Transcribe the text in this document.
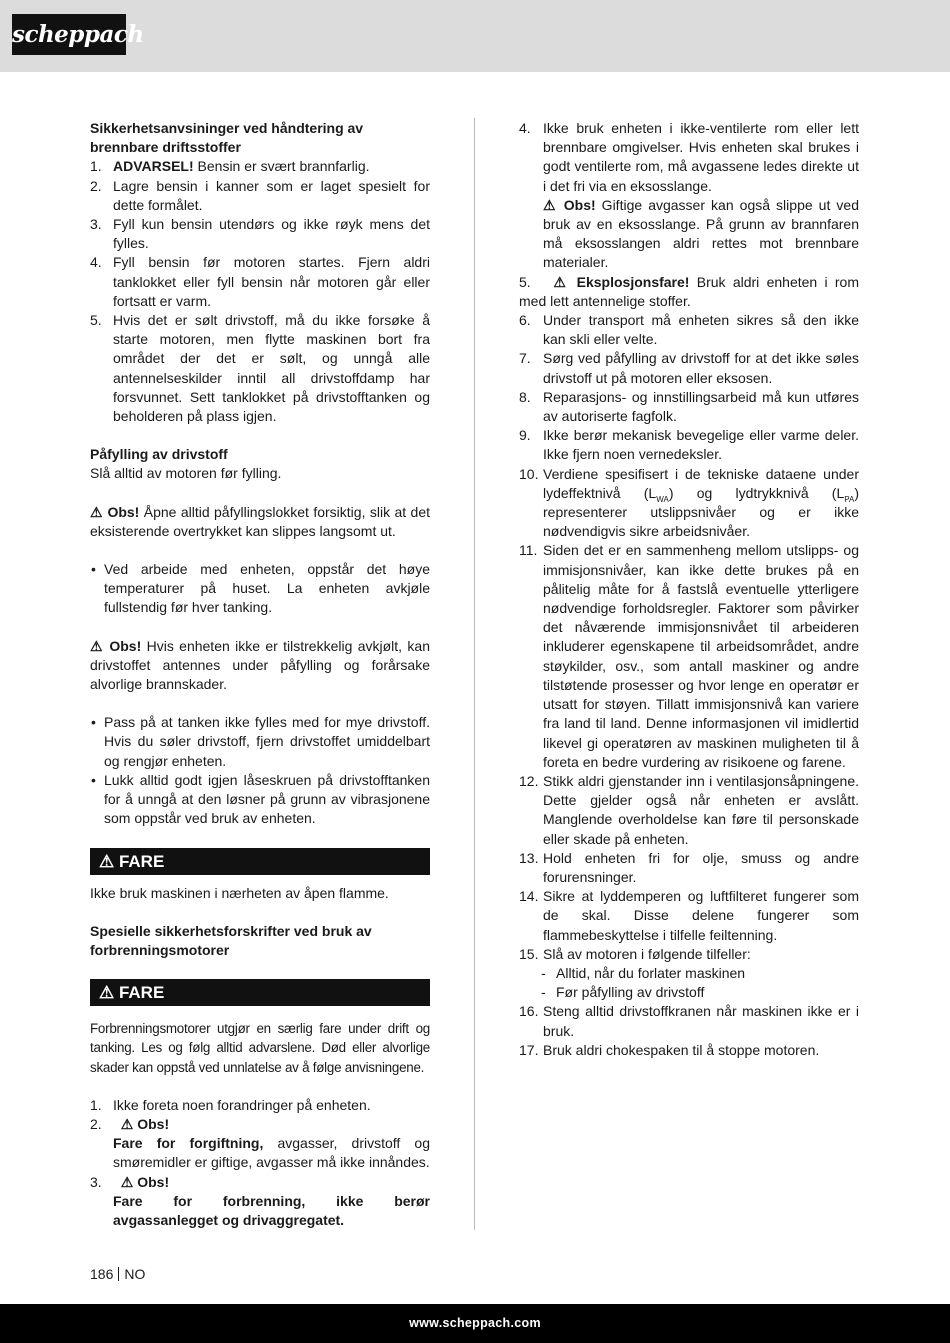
scheppach
Sikkerhetsanvsininger ved håndtering av brennbare driftsstoffer
1. ADVARSEL! Bensin er svært brannfarlig.
2. Lagre bensin i kanner som er laget spesielt for dette formålet.
3. Fyll kun bensin utendørs og ikke røyk mens det fylles.
4. Fyll bensin før motoren startes. Fjern aldri tanklokket eller fyll bensin når motoren går eller fortsatt er varm.
5. Hvis det er sølt drivstoff, må du ikke forsøke å starte motoren, men flytte maskinen bort fra området der det er sølt, og unngå alle antennelseskilder inntil all drivstoffdamp har forsvunnet. Sett tanklokket på drivstofftanken og beholderen på plass igjen.
Påfylling av drivstoff

Slå alltid av motoren før fylling.

⚠ Obs! Åpne alltid påfyllingslokket forsiktig, slik at det eksisterende overtrykket kan slippes langsomt ut.

• Ved arbeide med enheten, oppstår det høye temperaturer på huset. La enheten avkjøle fullstendig før hver tanking.

⚠ Obs! Hvis enheten ikke er tilstrekkelig avkjølt, kan drivstoffet antennes under påfylling og forårsake alvorlige brannskader.

• Pass på at tanken ikke fylles med for mye drivstoff. Hvis du søler drivstoff, fjern drivstoffet umiddelbart og rengjør enheten.
• Lukk alltid godt igjen låseskruen på drivstofftanken for å unngå at den løsner på grunn av vibrasjonene som oppstår ved bruk av enheten.
⚠ FARE

Ikke bruk maskinen i nærheten av åpen flamme.

Spesielle sikkerhetsforskrifter ved bruk av forbrenningsmotorer
⚠ FARE

Forbrenningsmotorer utgjør en særlig fare under drift og tanking. Les og følg alltid advarslene. Død eller alvorlige skader kan oppstå ved unnlatelse av å følge anvisningene.

1. Ikke foreta noen forandringer på enheten.
2. ⚠ Obs!
Fare for forgiftning, avgasser, drivstoff og smøremidler er giftige, avgasser må ikke innåndes.
3. ⚠ Obs!
Fare for forbrenning, ikke berør avgassanlegget og drivaggregatet.
4. Ikke bruk enheten i ikke-ventilerte rom eller lett brennbare omgivelser. Hvis enheten skal brukes i godt ventilerte rom, må avgassene ledes direkte ut i det fri via en eksosslange.
⚠ Obs! Giftige avgasser kan også slippe ut ved bruk av en eksosslange. På grunn av brannfaren må eksosslangen aldri rettes mot brennbare materialer.
5. ⚠ Eksplosjonsfare! Bruk aldri enheten i rom med lett antennelige stoffer.
6. Under transport må enheten sikres så den ikke kan skli eller velte.
7. Sørg ved påfylling av drivstoff for at det ikke søles drivstoff ut på motoren eller eksosen.
8. Reparasjons- og innstillingsarbeid må kun utføres av autoriserte fagfolk.
9. Ikke berør mekanisk bevegelige eller varme deler. Ikke fjern noen vernedeksler.
10. Verdiene spesifisert i de tekniske dataene under lydeffektnivå $(L_{WA})$ og lydtrykknivå $(L_{PA})$ representerer utslippsnivåer og er ikke nødvendigvis sikre arbeidsnivåer.
11. Siden det er en sammenheng mellom utslipps- og immisjonsnivåer, kan ikke dette brukes på en pålitelig måte for å fastslå eventuelle ytterligere nødvendige forholdsregler. Faktorer som påvirker det nåværende immisjonsnivået til arbeideren inkluderer egenskapene til arbeidsområdet, andre støykilder, osv., som antall maskiner og andre tilstøtende prosesser og hvor lenge en operatør er utsatt for støyen. Tillatt immisjonsnivå kan variere fra land til land. Denne informasjonen vil imidlertid likevel gi operatøren av maskinen muligheten til å foreta en bedre vurdering av risikoene og farene.
12. Stikk aldri gjenstander inn i ventilasjonsåpningene. Dette gjelder også når enheten er avslått. Manglende overholdelse kan føre til personskade eller skade på enheten.
13. Hold enheten fri for olje, smuss og andre forurensninger.
14. Sikre at lyddemperen og luftfilteret fungerer som de skal. Disse delene fungerer som flammebeskyttelse i tilfelle feiltenning.
15. Slå av motoren i følgende tilfeller:
- Alltid, når du forlater maskinen
- Før påfylling av drivstoff
16. Steng alltid drivstoffkranen når maskinen ikke er i bruk.
17. Bruk aldri chokespaken til å stoppe motoren.
186 NO
www.scheppach.com
